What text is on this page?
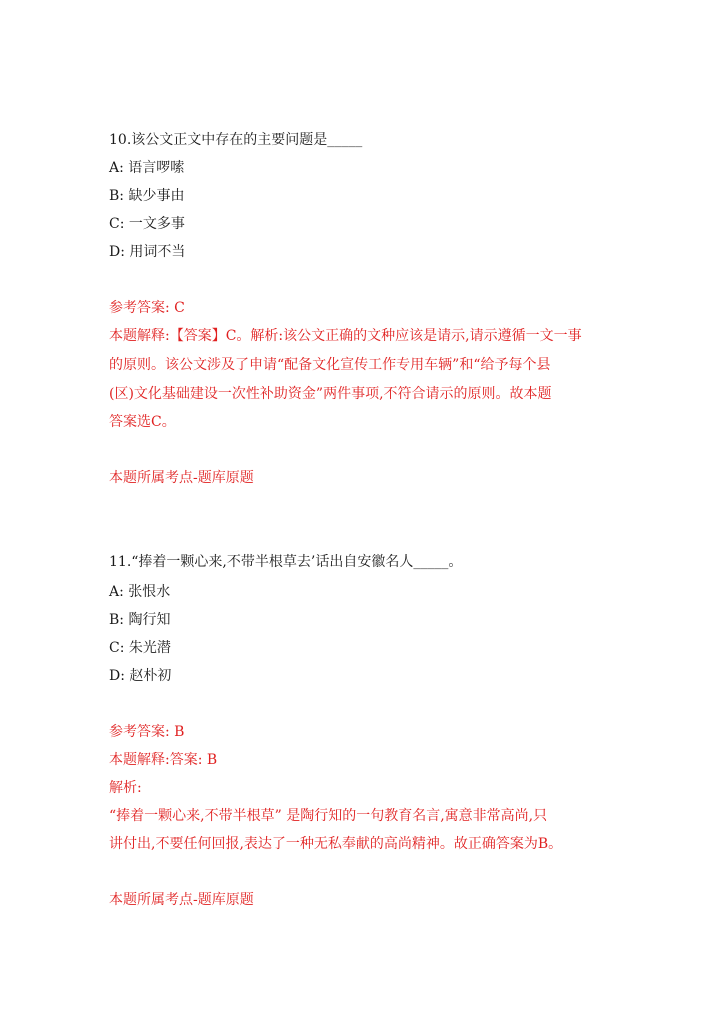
10.该公文正文中存在的主要问题是_____
A: 语言啰嗦
B: 缺少事由
C: 一文多事
D: 用词不当
参考答案: C
本题解释:【答案】C。解析:该公文正确的文种应该是请示,请示遵循一文一事
的原则。该公文涉及了申请“配备文化宣传工作专用车辆”和“给予每个县
(区)文化基础建设一次性补助资金”两件事项,不符合请示的原则。故本题
答案选C。
本题所属考点-题库原题
11.“捧着一颗心来,不带半根草去’话出自安徽名人_____。
A: 张恨水
B: 陶行知
C: 朱光潜
D: 赵朴初
参考答案: B
本题解释:答案: B
解析:
“捧着一颗心来,不带半根草” 是陶行知的一句教育名言,寓意非常高尚,只
讲付出,不要任何回报,表达了一种无私奉献的高尚精神。故正确答案为B。
本题所属考点-题库原题
